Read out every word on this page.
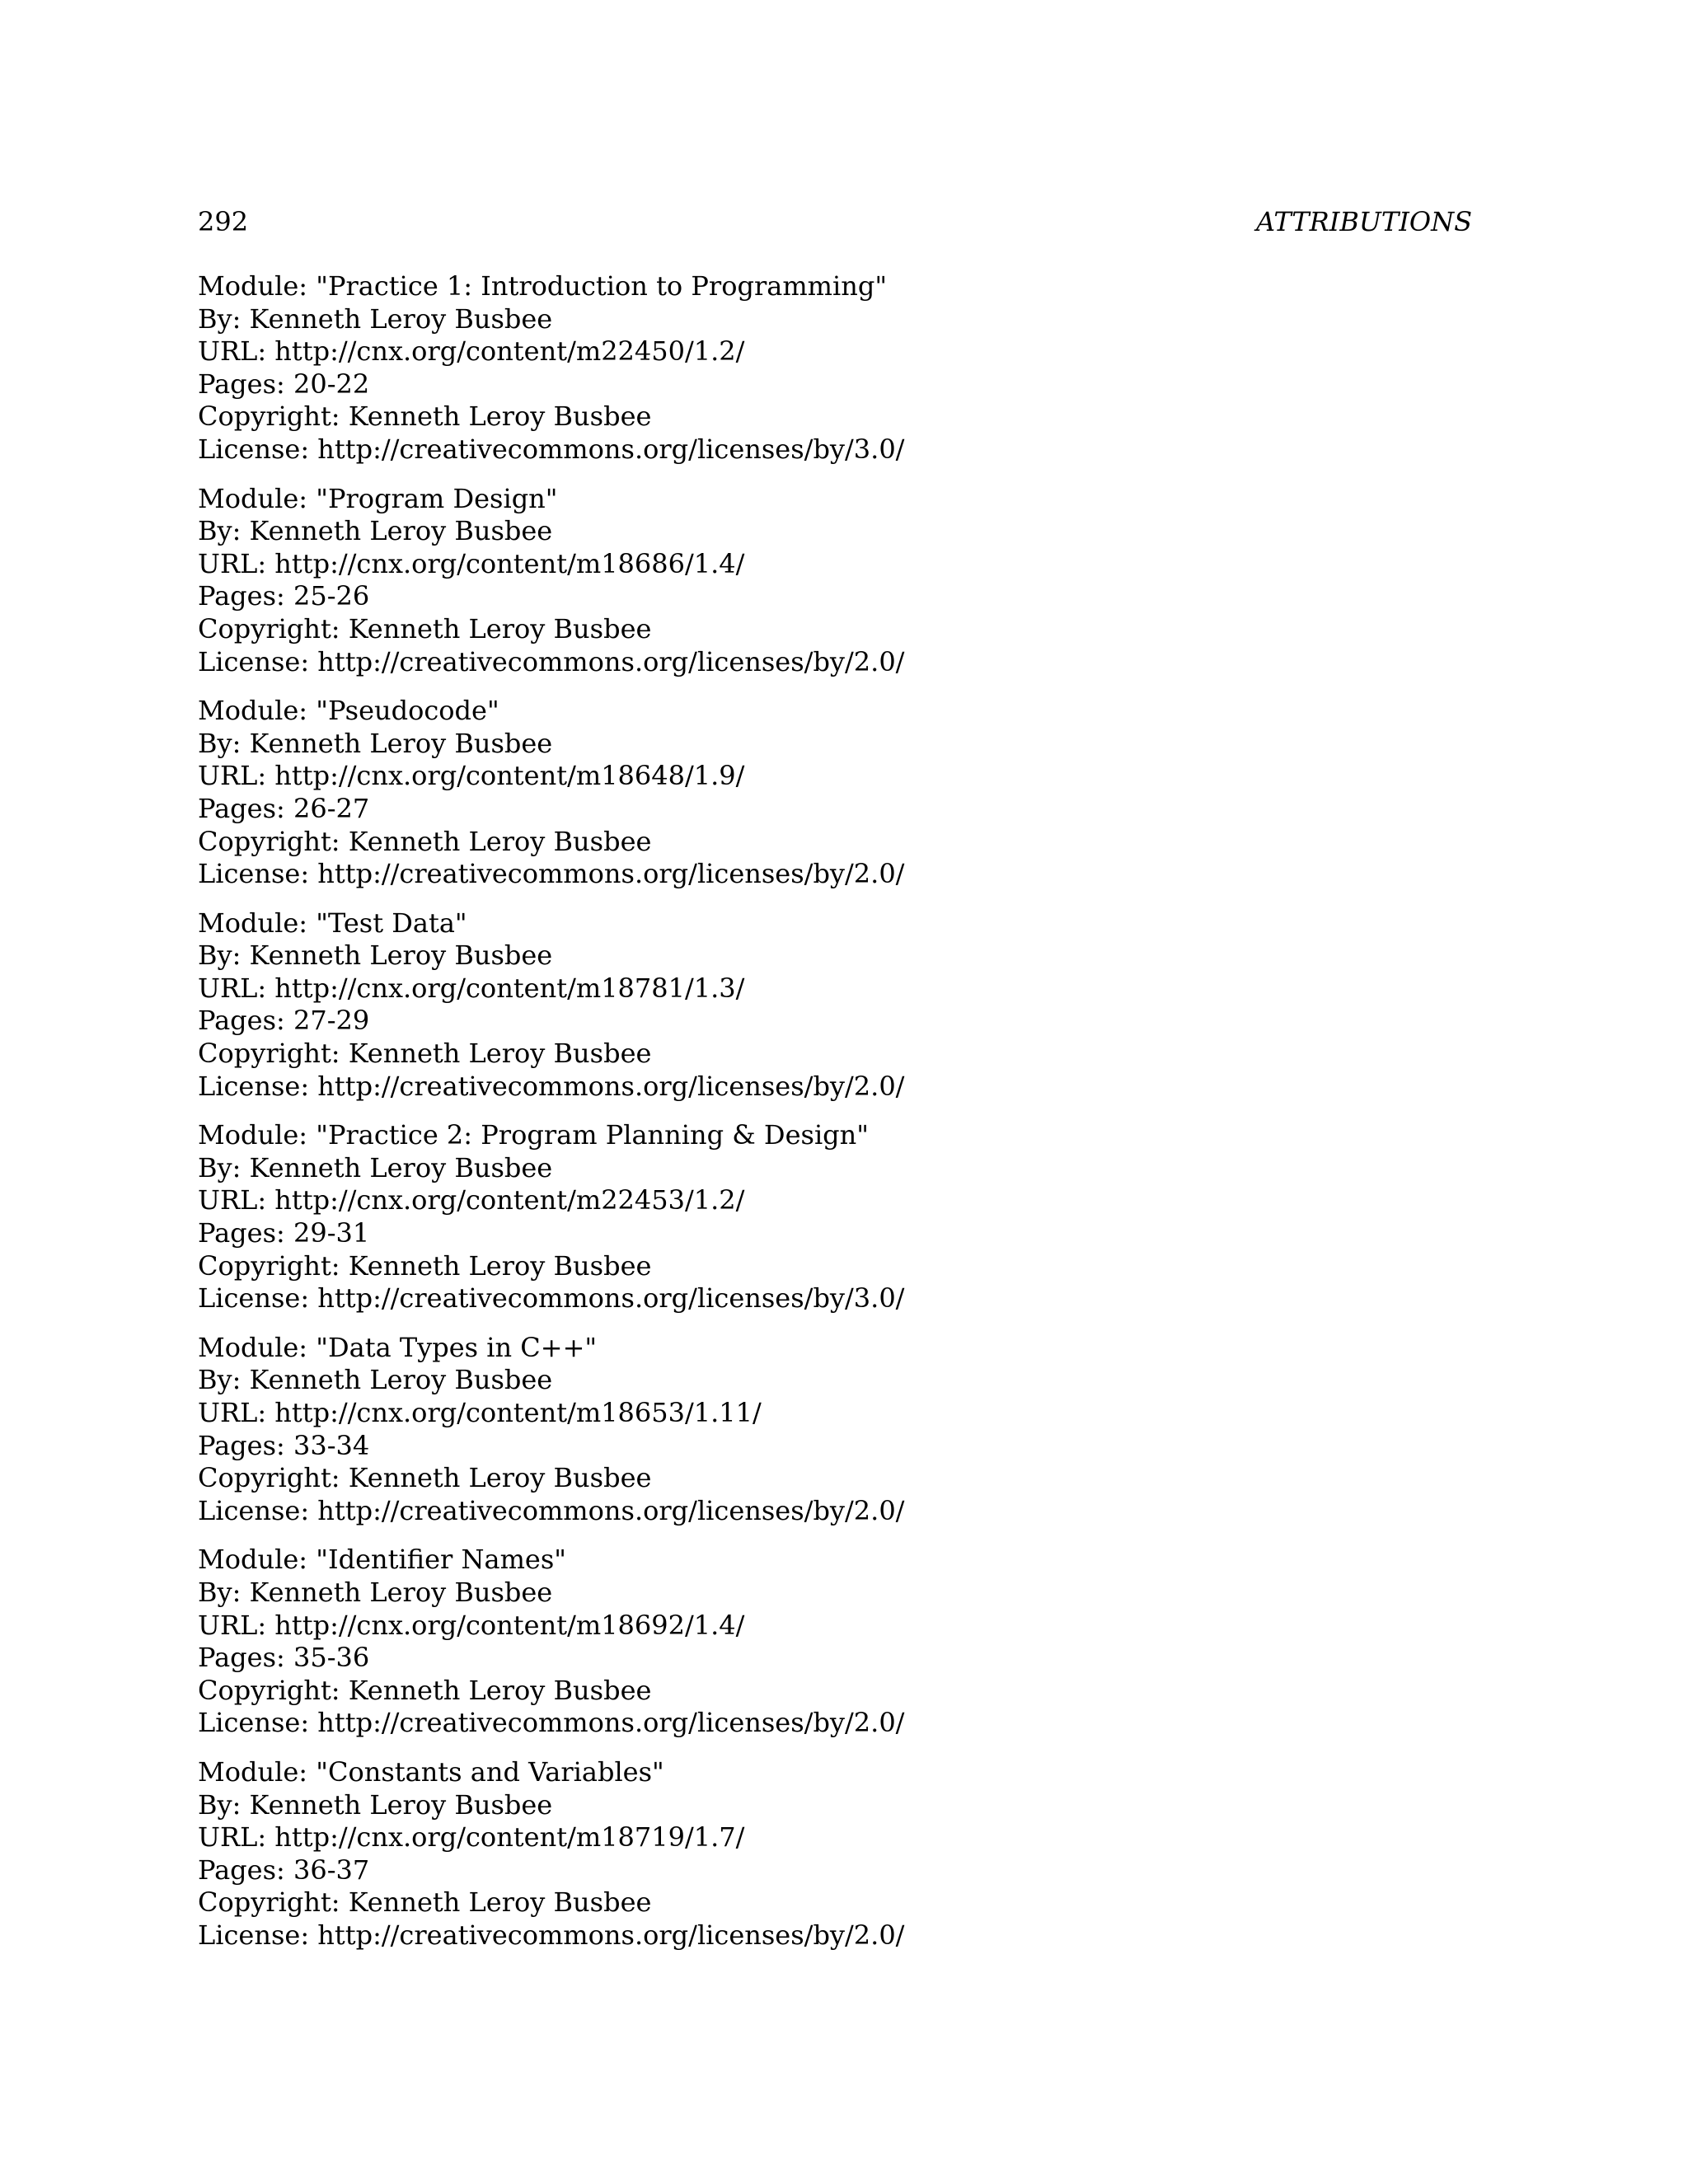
292	ATTRIBUTIONS
Module: "Practice 1: Introduction to Programming"
By: Kenneth Leroy Busbee
URL: http://cnx.org/content/m22450/1.2/
Pages: 20-22
Copyright: Kenneth Leroy Busbee
License: http://creativecommons.org/licenses/by/3.0/
Module: "Program Design"
By: Kenneth Leroy Busbee
URL: http://cnx.org/content/m18686/1.4/
Pages: 25-26
Copyright: Kenneth Leroy Busbee
License: http://creativecommons.org/licenses/by/2.0/
Module: "Pseudocode"
By: Kenneth Leroy Busbee
URL: http://cnx.org/content/m18648/1.9/
Pages: 26-27
Copyright: Kenneth Leroy Busbee
License: http://creativecommons.org/licenses/by/2.0/
Module: "Test Data"
By: Kenneth Leroy Busbee
URL: http://cnx.org/content/m18781/1.3/
Pages: 27-29
Copyright: Kenneth Leroy Busbee
License: http://creativecommons.org/licenses/by/2.0/
Module: "Practice 2: Program Planning & Design"
By: Kenneth Leroy Busbee
URL: http://cnx.org/content/m22453/1.2/
Pages: 29-31
Copyright: Kenneth Leroy Busbee
License: http://creativecommons.org/licenses/by/3.0/
Module: "Data Types in C++"
By: Kenneth Leroy Busbee
URL: http://cnx.org/content/m18653/1.11/
Pages: 33-34
Copyright: Kenneth Leroy Busbee
License: http://creativecommons.org/licenses/by/2.0/
Module: "Identifier Names"
By: Kenneth Leroy Busbee
URL: http://cnx.org/content/m18692/1.4/
Pages: 35-36
Copyright: Kenneth Leroy Busbee
License: http://creativecommons.org/licenses/by/2.0/
Module: "Constants and Variables"
By: Kenneth Leroy Busbee
URL: http://cnx.org/content/m18719/1.7/
Pages: 36-37
Copyright: Kenneth Leroy Busbee
License: http://creativecommons.org/licenses/by/2.0/
